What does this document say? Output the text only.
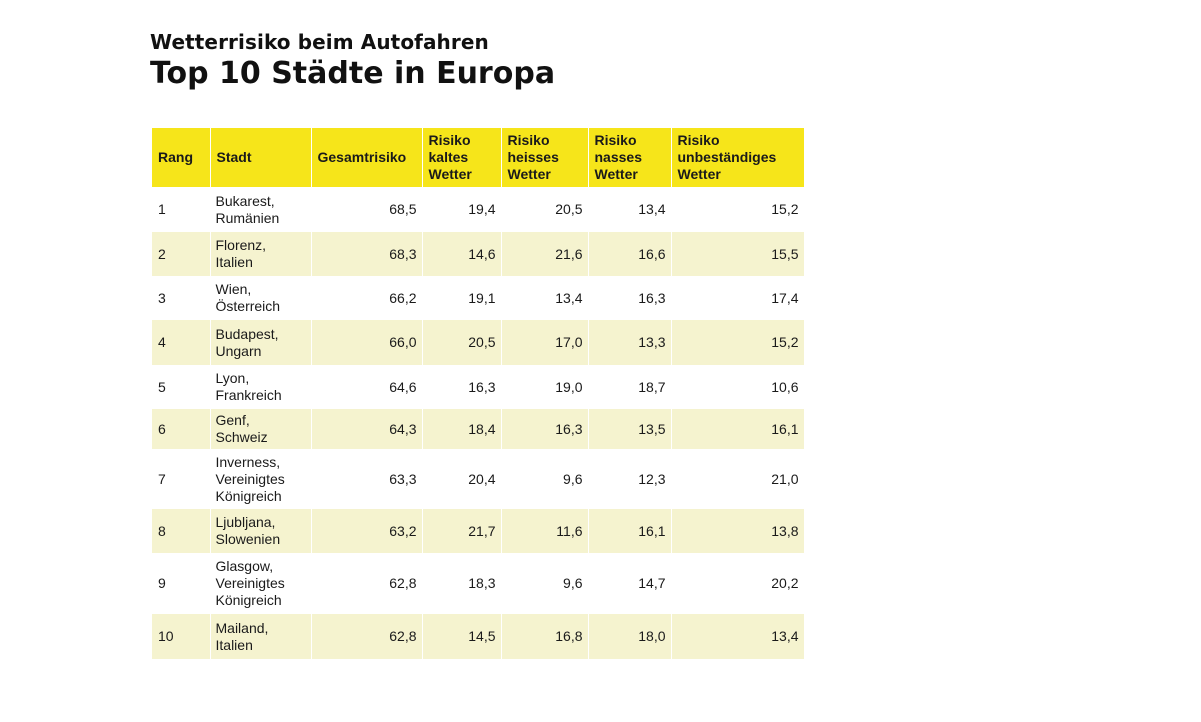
Wetterrisiko beim Autofahren
Top 10 Städte in Europa
Rang	Stadt	Gesamtrisiko	Risiko
kaltes
Wetter	Risiko
heisses
Wetter	Risiko
nasses
Wetter	Risiko
unbeständiges
Wetter
1	Bukarest,
Rumänien	68,5	19,4	20,5	13,4	15,2
2	Florenz,
Italien	68,3	14,6	21,6	16,6	15,5
3	Wien,
Österreich	66,2	19,1	13,4	16,3	17,4
4	Budapest,
Ungarn	66,0	20,5	17,0	13,3	15,2
5	Lyon,
Frankreich	64,6	16,3	19,0	18,7	10,6
6	Genf, Schweiz	64,3	18,4	16,3	13,5	16,1
7	Inverness,
Vereinigtes
Königreich	63,3	20,4	9,6	12,3	21,0
8	Ljubljana,
Slowenien	63,2	21,7	11,6	16,1	13,8
9	Glasgow,
Vereinigtes
Königreich	62,8	18,3	9,6	14,7	20,2
10	Mailand,
Italien	62,8	14,5	16,8	18,0	13,4
